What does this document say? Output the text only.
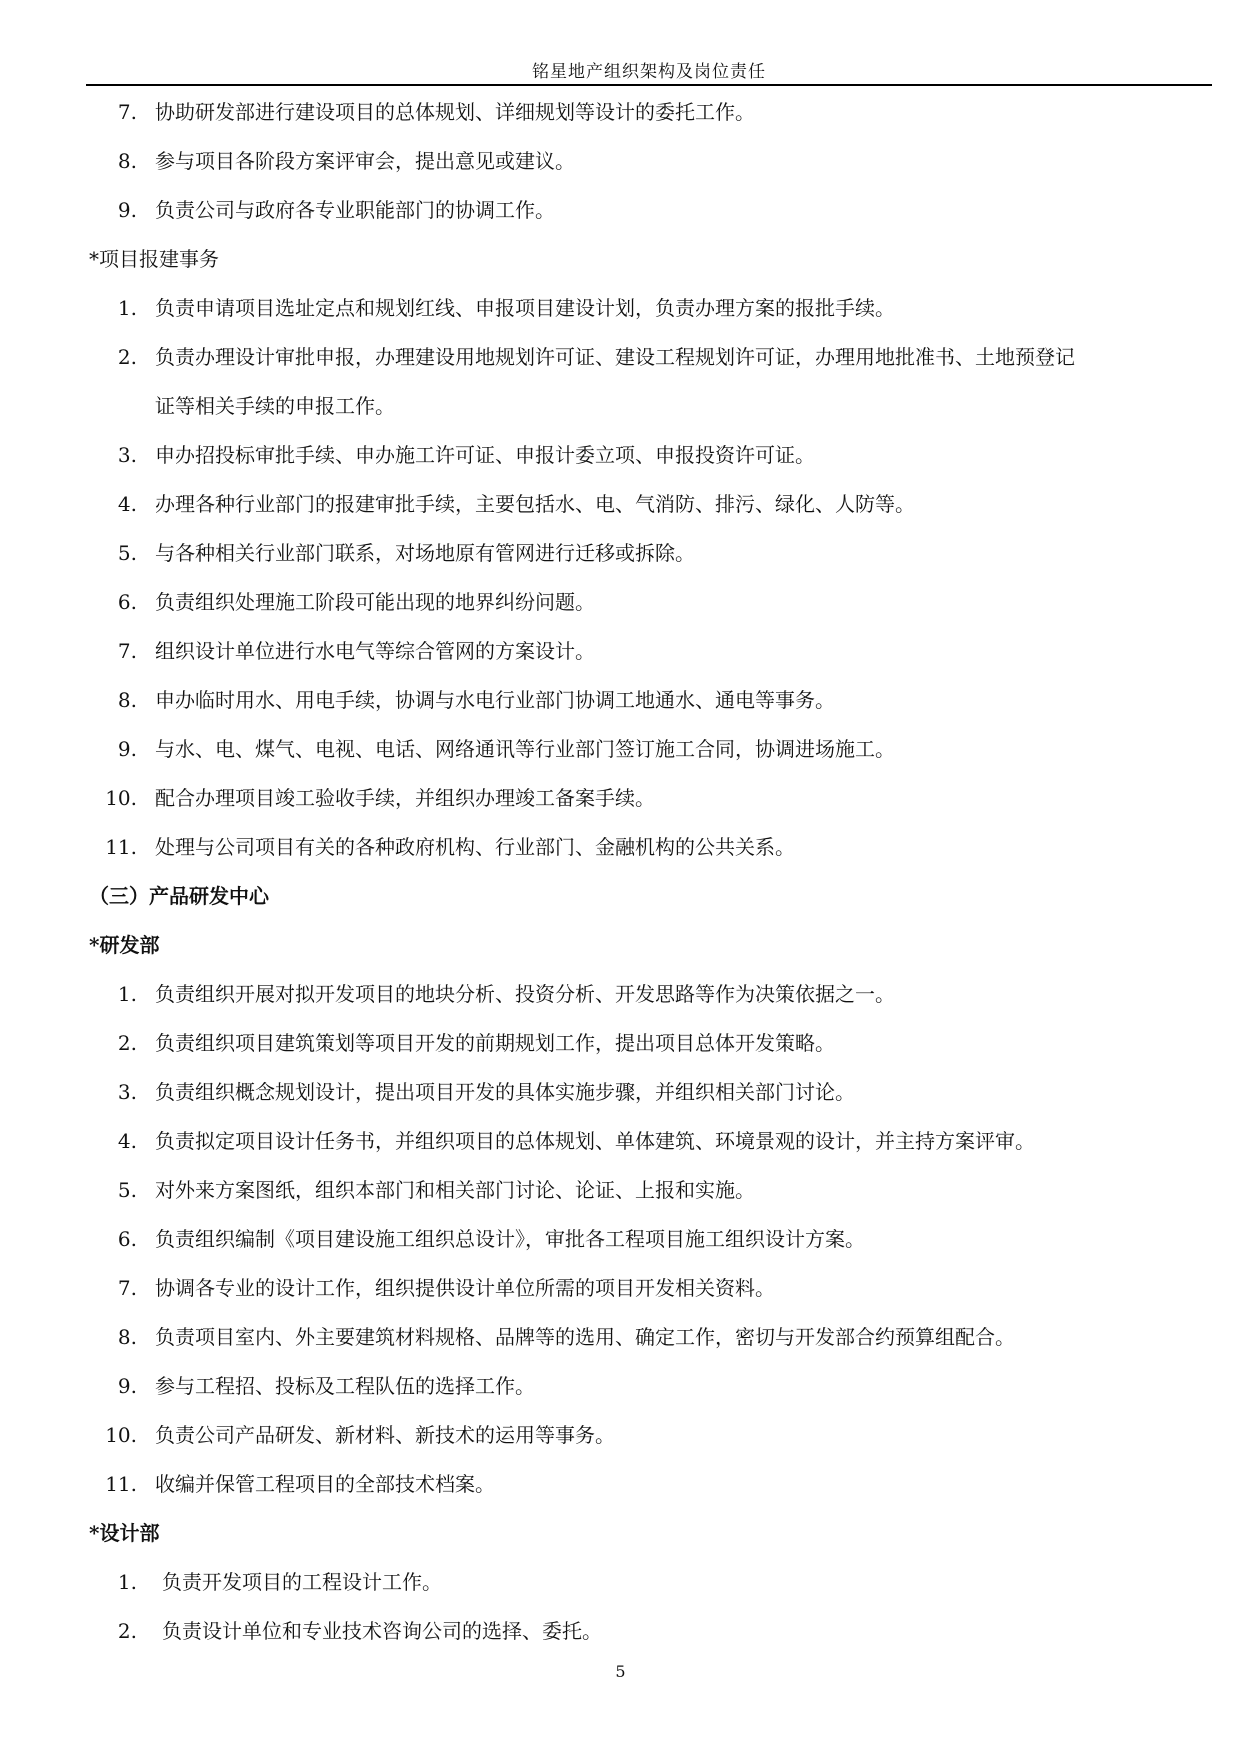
铭星地产组织架构及岗位责任
7. 协助研发部进行建设项目的总体规划、详细规划等设计的委托工作。
8. 参与项目各阶段方案评审会，提出意见或建议。
9. 负责公司与政府各专业职能部门的协调工作。
*项目报建事务
1. 负责申请项目选址定点和规划红线、申报项目建设计划，负责办理方案的报批手续。
2. 负责办理设计审批申报，办理建设用地规划许可证、建设工程规划许可证，办理用地批准书、土地预登记
证等相关手续的申报工作。
3. 申办招投标审批手续、申办施工许可证、申报计委立项、申报投资许可证。
4. 办理各种行业部门的报建审批手续，主要包括水、电、气消防、排污、绿化、人防等。
5. 与各种相关行业部门联系，对场地原有管网进行迁移或拆除。
6. 负责组织处理施工阶段可能出现的地界纠纷问题。
7. 组织设计单位进行水电气等综合管网的方案设计。
8. 申办临时用水、用电手续，协调与水电行业部门协调工地通水、通电等事务。
9. 与水、电、煤气、电视、电话、网络通讯等行业部门签订施工合同，协调进场施工。
10. 配合办理项目竣工验收手续，并组织办理竣工备案手续。
11. 处理与公司项目有关的各种政府机构、行业部门、金融机构的公共关系。
（三）产品研发中心
*研发部
1. 负责组织开展对拟开发项目的地块分析、投资分析、开发思路等作为决策依据之一。
2. 负责组织项目建筑策划等项目开发的前期规划工作，提出项目总体开发策略。
3. 负责组织概念规划设计，提出项目开发的具体实施步骤，并组织相关部门讨论。
4. 负责拟定项目设计任务书，并组织项目的总体规划、单体建筑、环境景观的设计，并主持方案评审。
5. 对外来方案图纸，组织本部门和相关部门讨论、论证、上报和实施。
6. 负责组织编制《项目建设施工组织总设计》，审批各工程项目施工组织设计方案。
7. 协调各专业的设计工作，组织提供设计单位所需的项目开发相关资料。
8. 负责项目室内、外主要建筑材料规格、品牌等的选用、确定工作，密切与开发部合约预算组配合。
9. 参与工程招、投标及工程队伍的选择工作。
10. 负责公司产品研发、新材料、新技术的运用等事务。
11. 收编并保管工程项目的全部技术档案。
*设计部
1. 负责开发项目的工程设计工作。
2. 负责设计单位和专业技术咨询公司的选择、委托。
5
